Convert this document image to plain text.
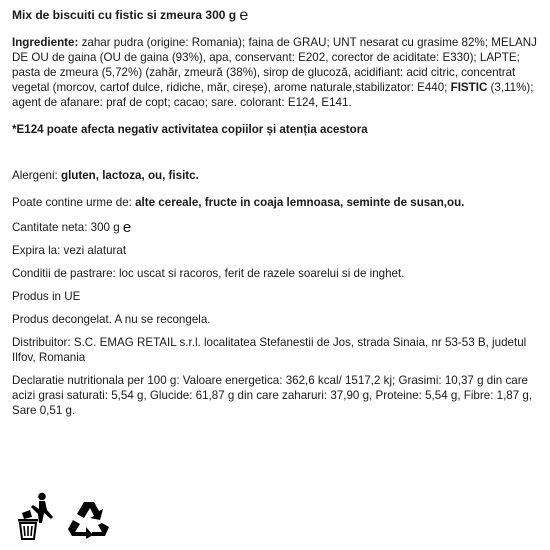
Mix de biscuiti cu fistic si zmeura 300 g e

Ingrediente: zahar pudra (origine: Romania); faina de GRAU; UNT nesarat cu grasime 82%; MELANJ DE OU de gaina (OU de gaina (93%), apa, conservant: E202, corector de aciditate: E330); LAPTE; pasta de zmeura (5,72%) (zahăr, zmeură (38%), sirop de glucoză, acidifiant: acid citric, concentrat vegetal (morcov, cartof dulce, ridiche, măr, cireșe), arome naturale,stabilizator: E440; FISTIC (3,11%); agent de afanare: praf de copt; cacao; sare. colorant: E124, E141.

*E124 poate afecta negativ activitatea copiilor și atenția acestora

Alergeni: gluten, lactoza, ou, fisitc.

Poate contine urme de: alte cereale, fructe in coaja lemnoasa, seminte de susan,ou.

Cantitate neta: 300 g e

Expira la: vezi alaturat

Conditii de pastrare: loc uscat si racoros, ferit de razele soarelui si de inghet.

Produs in UE

Produs decongelat. A nu se recongela.

Distribuitor: S.C. EMAG RETAIL s.r.l. localitatea Stefanestii de Jos, strada Sinaia, nr 53-53 B, judetul Ilfov, Romania

Declaratie nutritionala per 100 g: Valoare energetica: 362,6 kcal/ 1517,2 kj; Grasimi: 10,37 g din care acizi grasi saturati: 5,54 g, Glucide: 61,87 g din care zaharuri: 37,90 g, Proteine: 5,54 g, Fibre: 1,87 g, Sare 0,51 g.
